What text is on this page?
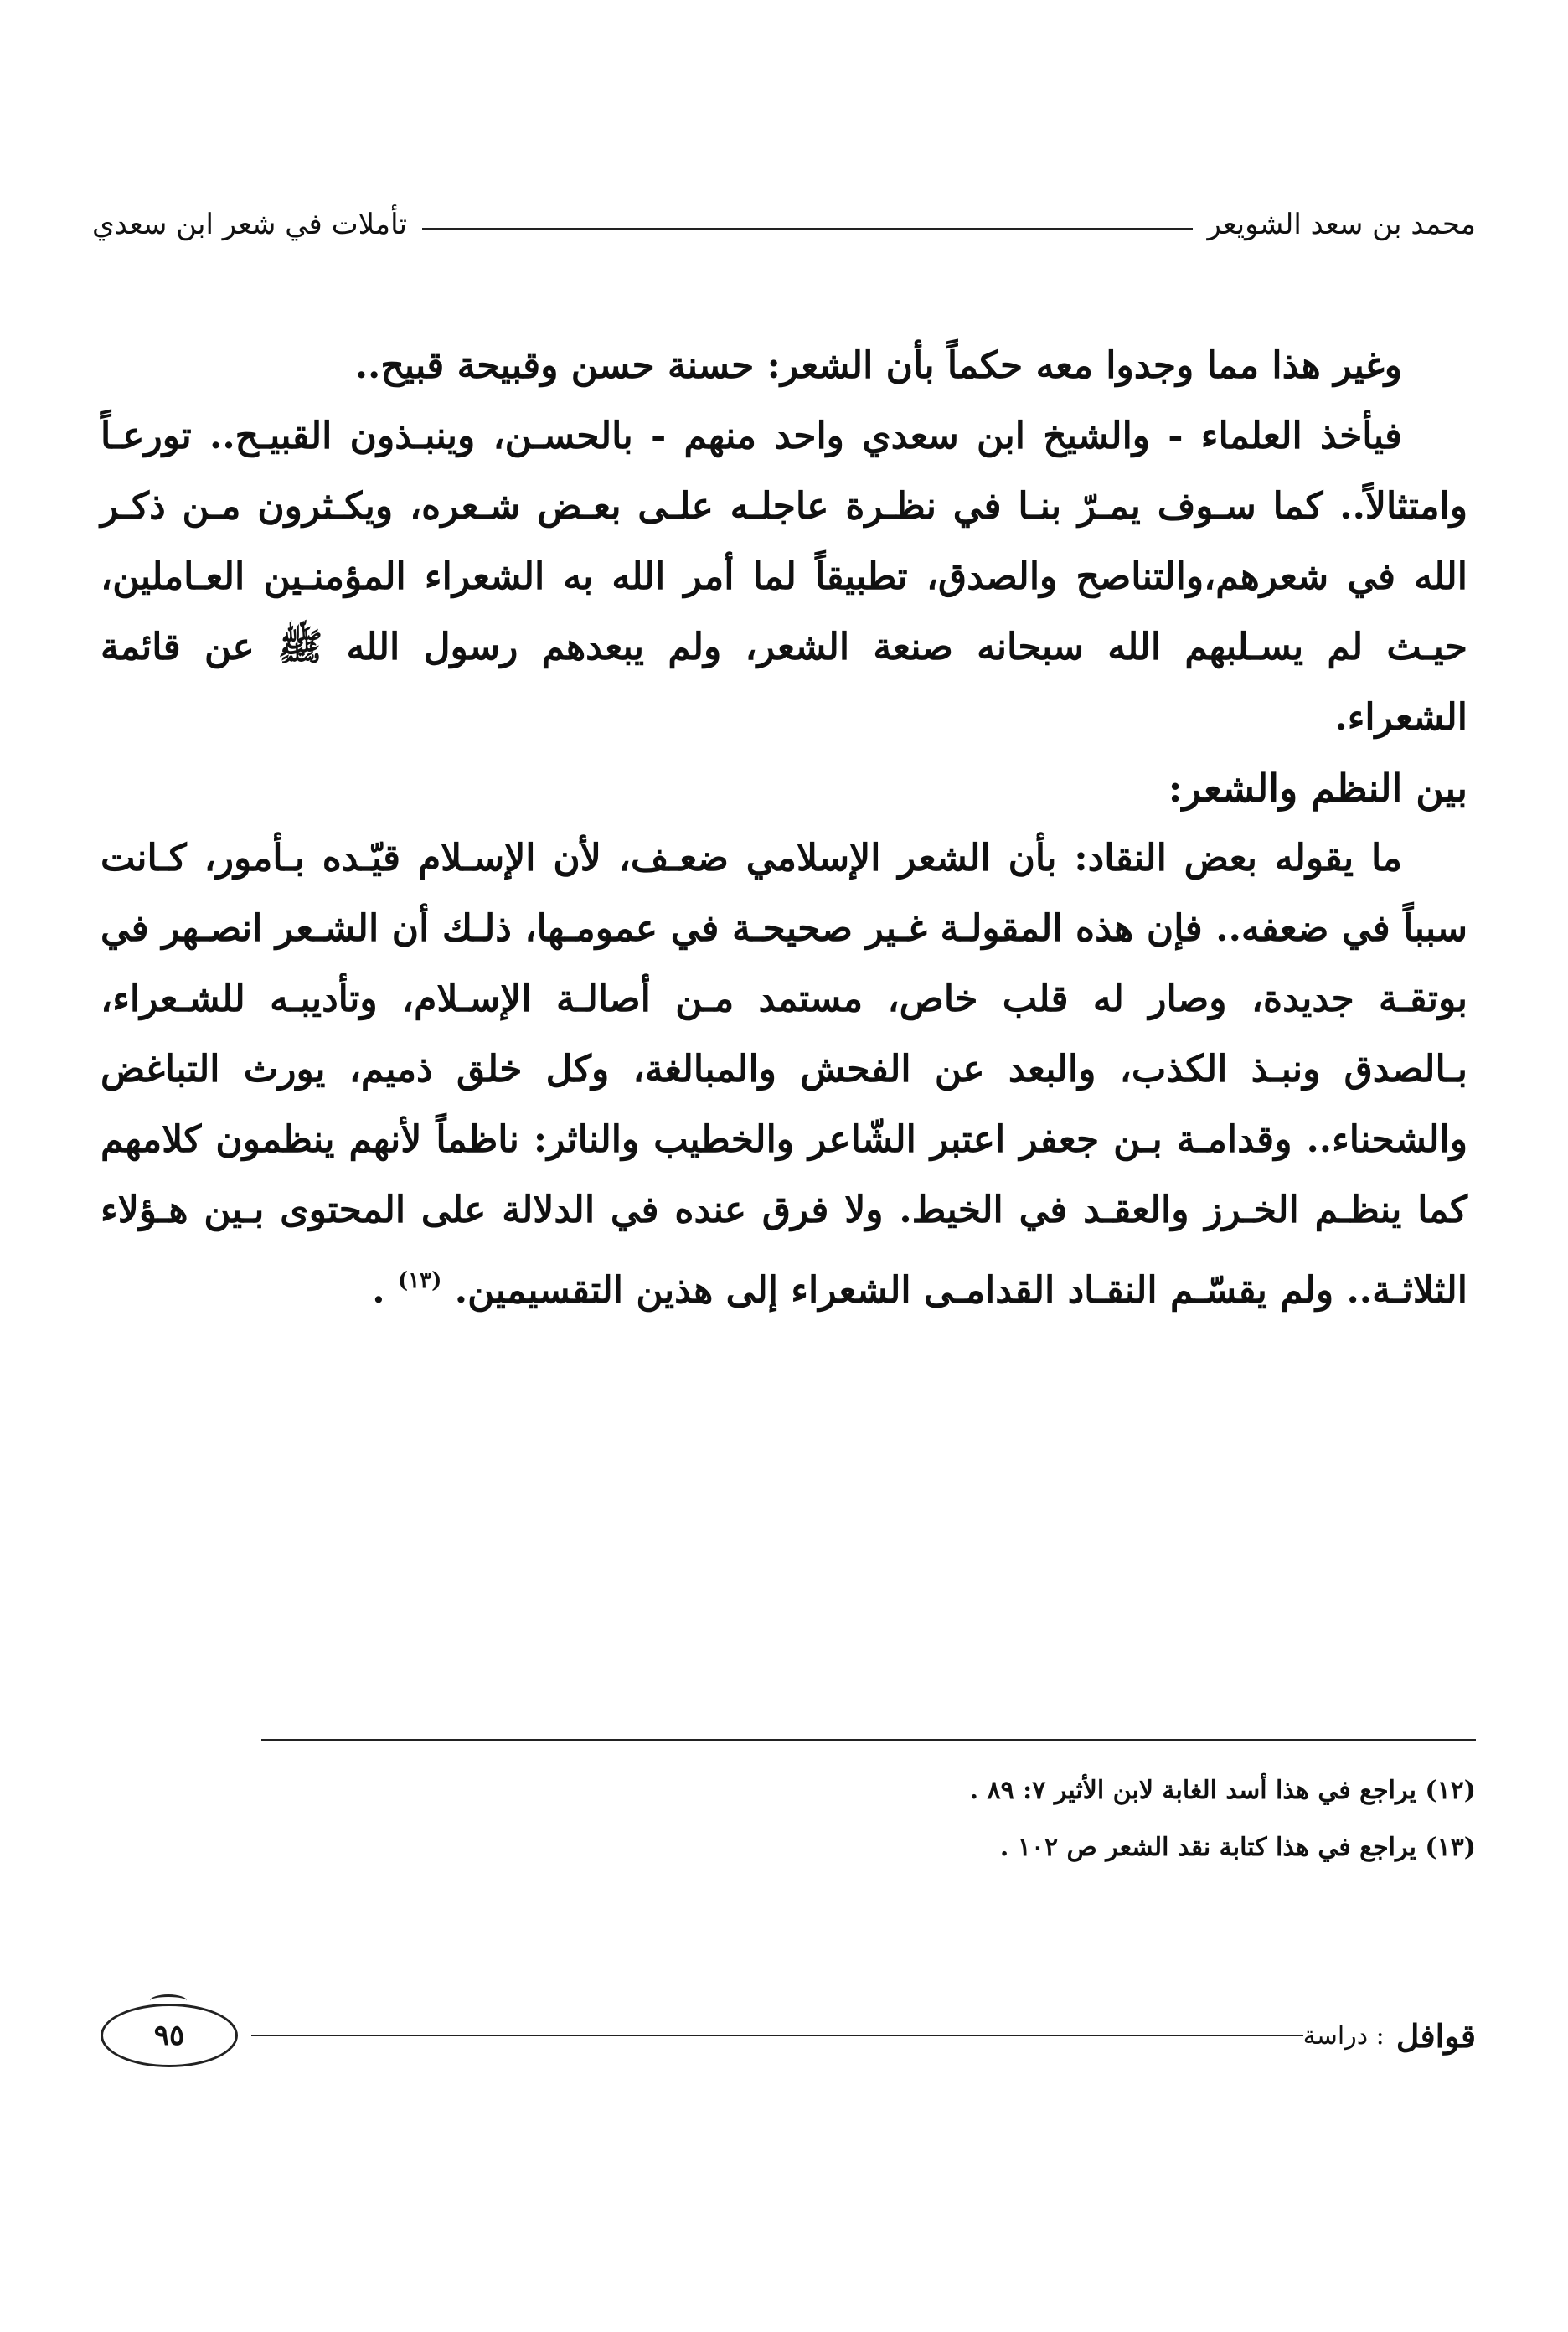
تأملات في شعر ابن سعدي	محمد بن سعد الشويعر

وغير هذا مما وجدوا معه حكماً بأن الشعر: حسنة حسن وقبيحة قبيح..

فيأخذ العلماء - والشيخ ابن سعدي واحد منهم - بالحسـن، وينبـذون القبيـح.. تورعـاً وامتثالاً.. كما سـوف يمـرّ بنـا في نظـرة عاجلـه علـى بعـض شـعره، ويكـثرون مـن ذكـر الله في شعرهم،والتناصح والصدق، تطبيقاً لما أمر الله به الشعراء المؤمنـين العـاملين، حيـث لم يسـلبهم الله سبحانه صنعة الشعر، ولم يبعدهم رسول الله ﷺ عن قائمة الشعراء.

بين النظم والشعر:

ما يقوله بعض النقاد: بأن الشعر الإسلامي ضعـف، لأن الإسـلام قيّـده بـأمور، كـانت سبباً في ضعفه.. فإن هذه المقولـة غـير صحيحـة في عمومـها، ذلـك أن الشـعر انصـهر في بوتقـة جديدة، وصار له قلب خاص، مستمد مـن أصالـة الإسـلام، وتأديبـه للشـعراء، بـالصدق ونبـذ الكذب، والبعد عن الفحش والمبالغة، وكل خلق ذميم، يورث التباغض والشحناء.. وقدامـة بـن جعفر اعتبر الشّاعر والخطيب والناثر: ناظماً لأنهم ينظمون كلامهم كما ينظـم الخـرز والعقـد في الخيط. ولا فرق عنده في الدلالة على المحتوى بـين هـؤلاء الثلاثـة.. ولم يقسّـم النقـاد القدامـى الشعراء إلى هذين التقسيمين. $^{(١٣)}$ .

(١٢) يراجع في هذا أسد الغابة لابن الأثير ٧: ٨٩ .

(١٣) يراجع في هذا كتابة نقد الشعر ص ١٠٢ .

قوافل
: دراسة
٩٥
